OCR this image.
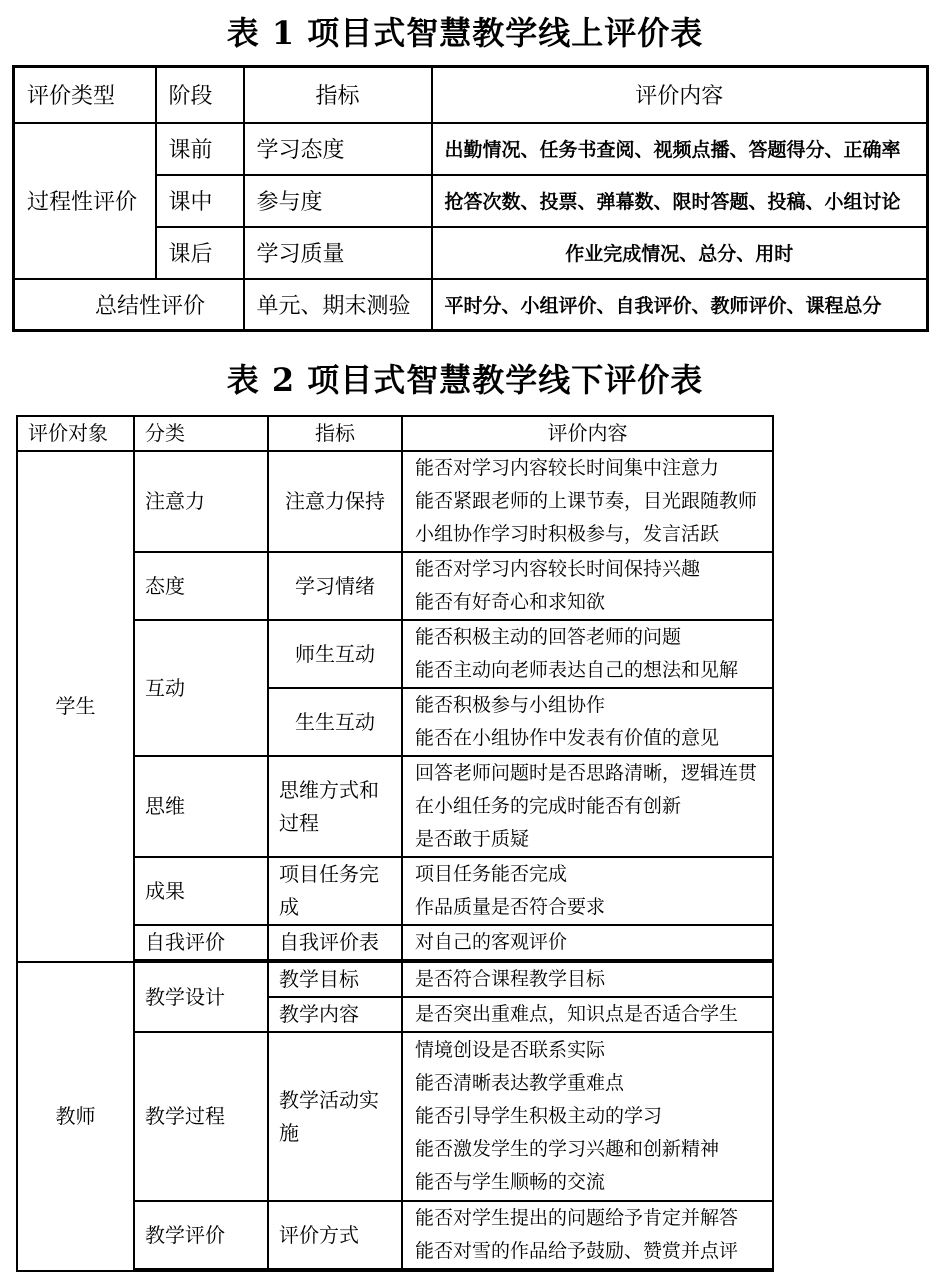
表 1 项目式智慧教学线上评价表
评价类型	阶段	指标	评价内容
过程性评价	课前	学习态度	出勤情况、任务书查阅、视频点播、答题得分、正确率
	课中	参与度	抢答次数、投票、弹幕数、限时答题、投稿、小组讨论
	课后	学习质量	作业完成情况、总分、用时
总结性评价		单元、期末测验	平时分、小组评价、自我评价、教师评价、课程总分
表 2 项目式智慧教学线下评价表
评价对象	分类	指标	评价内容
学生	注意力	注意力保持	能否对学习内容较长时间集中注意力
能否紧跟老师的上课节奏，目光跟随教师
小组协作学习时积极参与，发言活跃

	态度	学习情绪	能否对学习内容较长时间保持兴趣
能否有好奇心和求知欲

	互动	师生互动	能否积极主动的回答老师的问题
能否主动向老师表达自己的想法和见解

		生生互动	能否积极参与小组协作
能否在小组协作中发表有价值的意见

	思维	思维方式和过程	回答老师问题时是否思路清晰，逻辑连贯
在小组任务的完成时能否有创新
是否敢于质疑

	成果	项目任务完成	项目任务能否完成
作品质量是否符合要求

	自我评价	自我评价表	对自己的客观评价

教师	教学设计	教学目标	是否符合课程教学目标

		教学内容	是否突出重难点，知识点是否适合学生

	教学过程	教学活动实施	情境创设是否联系实际
能否清晰表达教学重难点
能否引导学生积极主动的学习
能否激发学生的学习兴趣和创新精神
能否与学生顺畅的交流

	教学评价	评价方式	能否对学生提出的问题给予肯定并解答
能否对雪的作品给予鼓励、赞赏并点评
